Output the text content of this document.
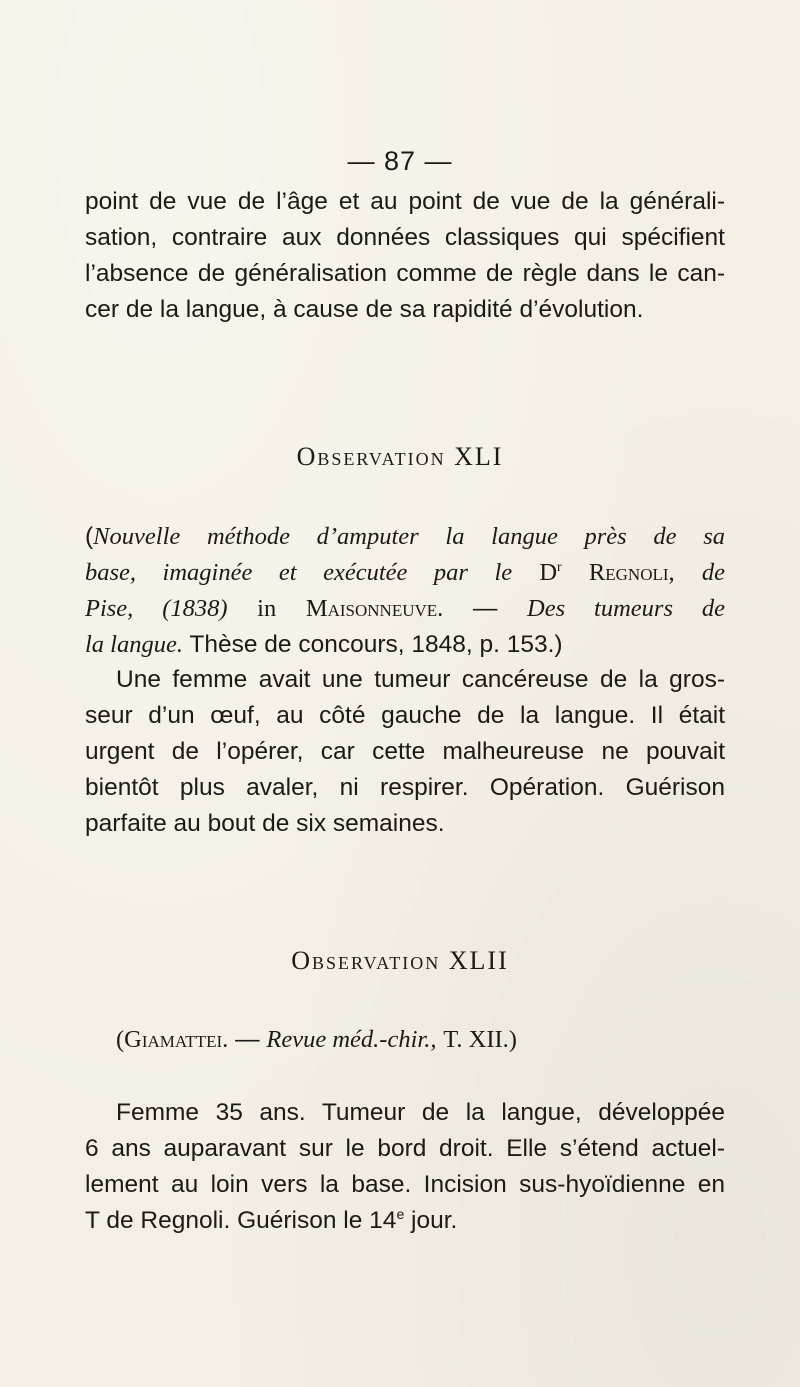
— 87 —
point de vue de l’âge et au point de vue de la générali-
sation, contraire aux données classiques qui spécifient
l’absence de généralisation comme de règle dans le can-
cer de la langue, à cause de sa rapidité d’évolution.
Observation XLI
(Nouvelle méthode d’amputer la langue près de sa
base, imaginée et exécutée par le $D^r$ Regnoli, de
Pise, (1838) in Maisonneuve. — Des tumeurs de
la langue. Thèse de concours, 1848, p. 153.)
Une femme avait une tumeur cancéreuse de la gros-
seur d’un œuf, au côté gauche de la langue. Il était
urgent de l’opérer, car cette malheureuse ne pouvait
bientôt plus avaler, ni respirer. Opération. Guérison
parfaite au bout de six semaines.
Observation XLII
(Giamattei. — Revue méd.-chir., T. XII.)
Femme 35 ans. Tumeur de la langue, développée
6 ans auparavant sur le bord droit. Elle s’étend actuel-
lement au loin vers la base. Incision sus-hyoïdienne en
T de Regnoli. Guérison le 14e jour.
